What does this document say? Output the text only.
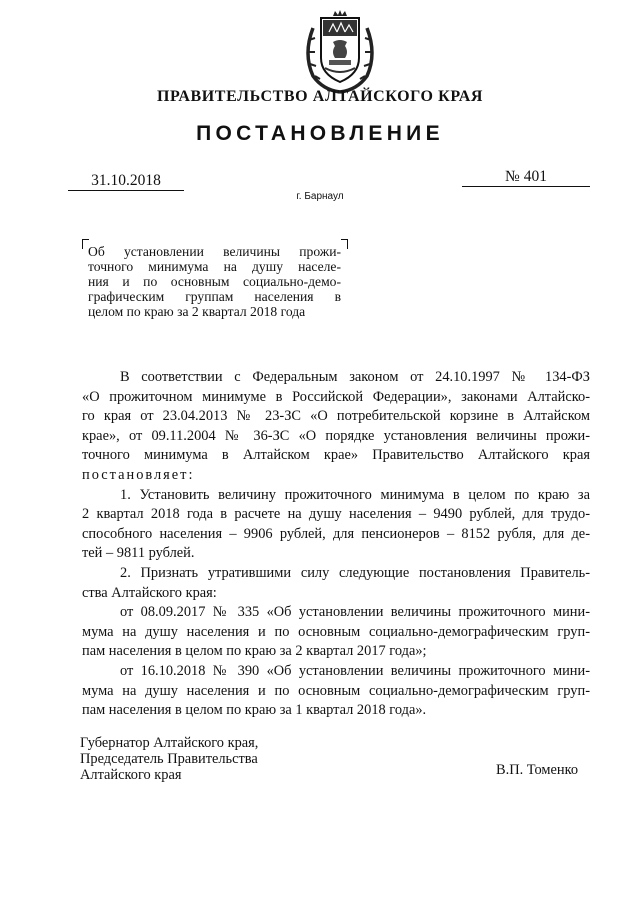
ПРАВИТЕЛЬСТВО АЛТАЙСКОГО КРАЯ
ПОСТАНОВЛЕНИЕ
31.10.2018	№ 401
г. Барнаул
Об установлении величины прожи-
точного минимума на душу населе-
ния и по основным социально-демо-
графическим группам населения в
целом по краю за 2 квартал 2018 года
В соответствии с Федеральным законом от 24.10.1997 № 134-ФЗ
«О прожиточном минимуме в Российской Федерации», законами Алтайско-
го края от 23.04.2013 № 23-ЗС «О потребительской корзине в Алтайском
крае», от 09.11.2004 № 36-ЗС «О порядке установления величины прожи-
точного минимума в Алтайском крае» Правительство Алтайского края
постановляет:
1. Установить величину прожиточного минимума в целом по краю за
2 квартал 2018 года в расчете на душу населения – 9490 рублей, для трудо-
способного населения – 9906 рублей, для пенсионеров – 8152 рубля, для де-
тей – 9811 рублей.
2. Признать утратившими силу следующие постановления Правитель-
ства Алтайского края:
от 08.09.2017 № 335 «Об установлении величины прожиточного мини-
мума на душу населения и по основным социально-демографическим груп-
пам населения в целом по краю за 2 квартал 2017 года»;
от 16.10.2018 № 390 «Об установлении величины прожиточного мини-
мума на душу населения и по основным социально-демографическим груп-
пам населения в целом по краю за 1 квартал 2018 года».
Губернатор Алтайского края,
Председатель Правительства
Алтайского края	В.П. Томенко
